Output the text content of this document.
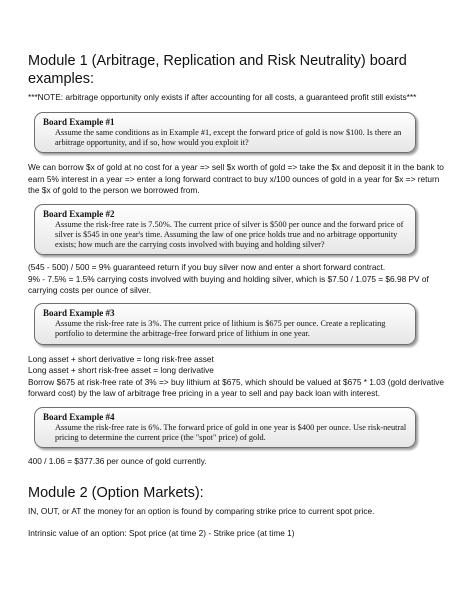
Module 1 (Arbitrage, Replication and Risk Neutrality) board examples:

***NOTE: arbitrage opportunity only exists if after accounting for all costs, a guaranteed profit still exists***

Board Example #1
Assume the same conditions as in Example #1, except the forward price of gold is now $100. Is there an arbitrage opportunity, and if so, how would you exploit it?

We can borrow $x of gold at no cost for a year => sell $x worth of gold => take the $x and deposit it in the bank to earn 5% interest in a year => enter a long forward contract to buy x/100 ounces of gold in a year for $x => return the $x of gold to the person we borrowed from.

Board Example #2
Assume the risk-free rate is 7.50%. The current price of silver is $500 per ounce and the forward price of silver is $545 in one year's time. Assuming the law of one price holds true and no arbitrage opportunity exists; how much are the carrying costs involved with buying and holding silver?

(545 - 500) / 500 = 9% guaranteed return if you buy silver now and enter a short forward contract.

9% - 7.5% = 1.5% carrying costs involved with buying and holding silver, which is $7.50 / 1.075 = $6.98 PV of carrying costs per ounce of silver.

Board Example #3
Assume the risk-free rate is 3%. The current price of lithium is $675 per ounce. Create a replicating portfolio to determine the arbitrage-free forward price of lithium in one year.

Long asset + short derivative = long risk-free asset

Long asset + short risk-free asset = long derivative

Borrow $675 at risk-free rate of 3% => buy lithium at $675, which should be valued at $675 * 1.03 (gold derivative forward cost) by the law of arbitrage free pricing in a year to sell and pay back loan with interest.

Board Example #4
Assume the risk-free rate is 6%. The forward price of gold in one year is $400 per ounce. Use risk-neutral pricing to determine the current price (the "spot" price) of gold.

400 / 1.06 = $377.36 per ounce of gold currently.

Module 2 (Option Markets):

IN, OUT, or AT the money for an option is found by comparing strike price to current spot price.

Intrinsic value of an option: Spot price (at time 2) - Strike price (at time 1)
